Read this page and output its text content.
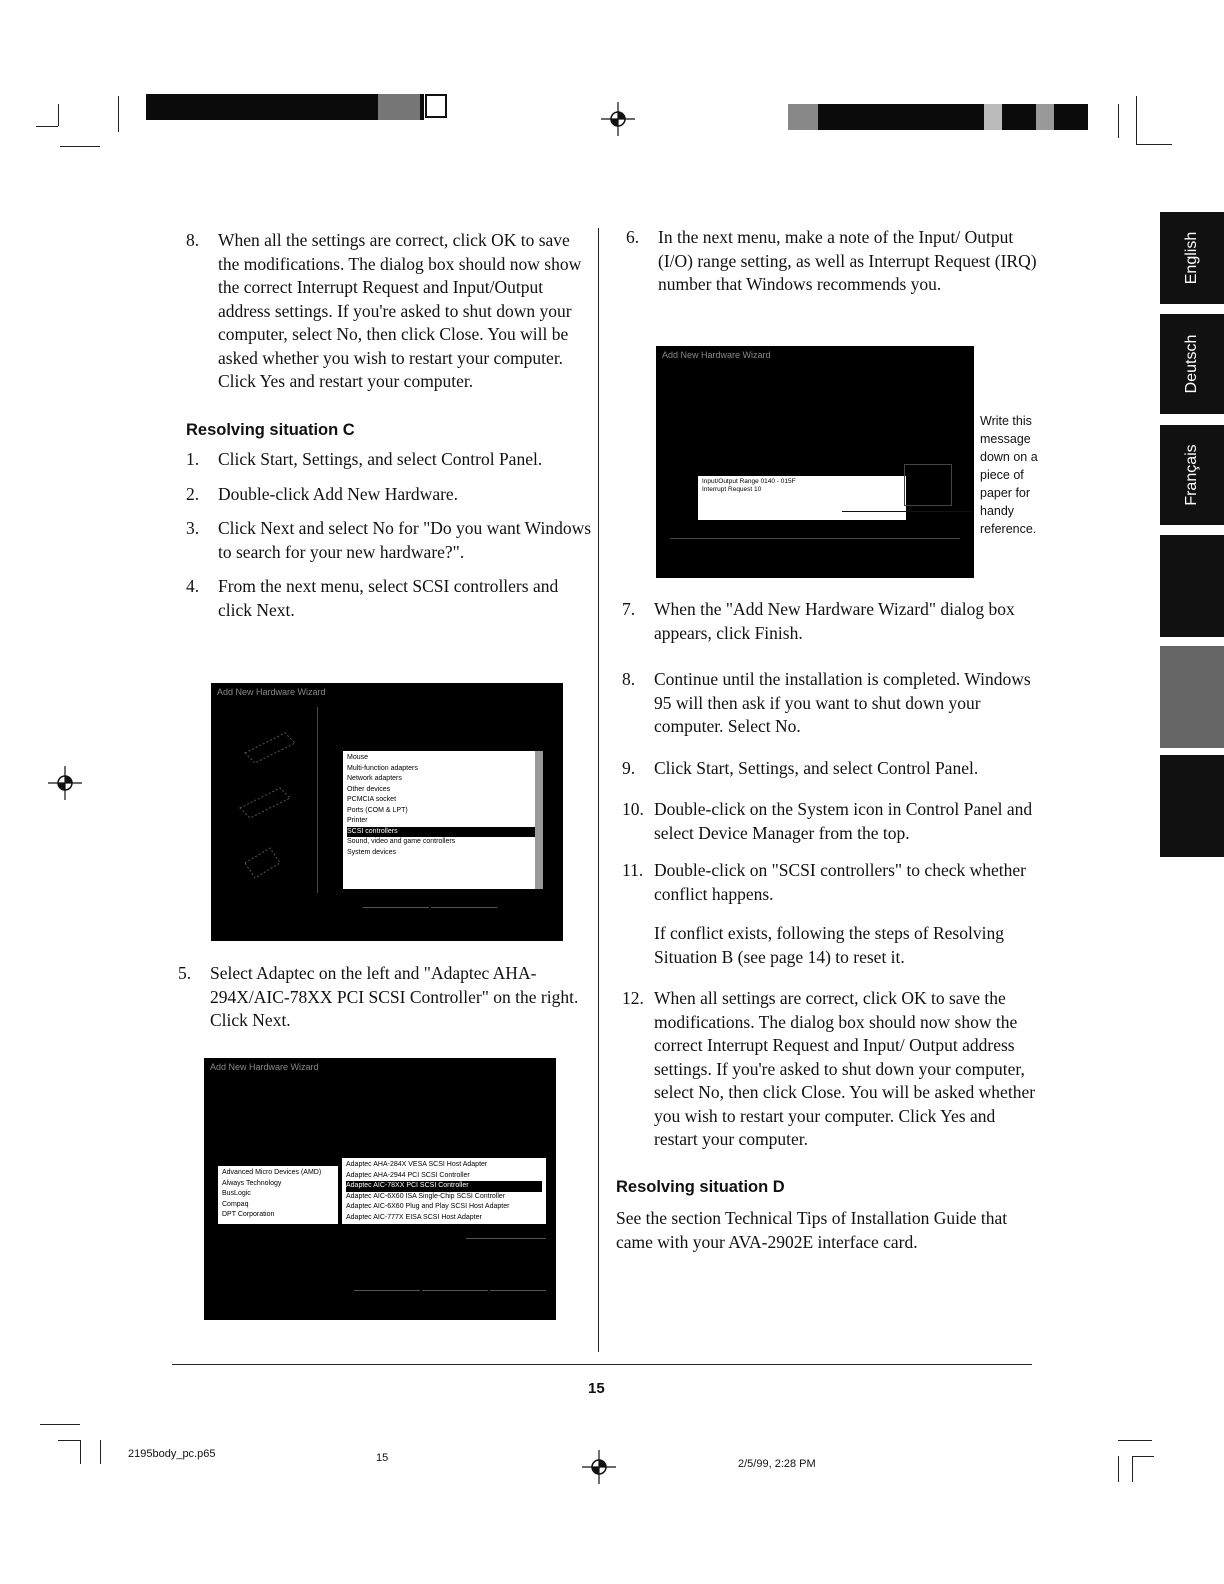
English
Deutsch
Français

8. When all the settings are correct, click OK to save the modifications. The dialog box should now show the correct Interrupt Request and Input/Output address settings. If you're asked to shut down your computer, select No, then click Close. You will be asked whether you wish to restart your computer. Click Yes and restart your computer.

Resolving situation C

1. Click Start, Settings, and select Control Panel.

2. Double-click Add New Hardware.

3. Click Next and select No for "Do you want Windows to search for your new hardware?".

4. From the next menu, select SCSI controllers and click Next.

Add New Hardware Wizard
Mouse
Multi-function adapters
Network adapters
Other devices
PCMCIA socket
Ports (COM & LPT)
Printer
SCSI controllers
Sound, video and game controllers
System devices

5. Select Adaptec on the left and "Adaptec AHA-294X/AIC-78XX PCI SCSI Controller" on the right. Click Next.

Add New Hardware Wizard
Advanced Micro Devices (AMD)
Always Technology
BusLogic
Compaq
DPT Corporation
Adaptec AHA-284X VESA SCSI Host Adapter
Adaptec AHA-2944 PCI SCSI Controller
Adaptec AIC-78XX PCI SCSI Controller
Adaptec AIC-6X60 ISA Single-Chip SCSI Controller
Adaptec AIC-6X60 Plug and Play SCSI Host Adapter
Adaptec AIC-777X EISA SCSI Host Adapter

6. In the next menu, make a note of the Input/ Output (I/O) range setting, as well as Interrupt Request (IRQ) number that Windows recommends you.

Add New Hardware Wizard
Input/Output Range 0140 - 015F
Interrupt Request 10
Write this message down on a piece of paper for handy reference.

7. When the "Add New Hardware Wizard" dialog box appears, click Finish.

8. Continue until the installation is completed. Windows 95 will then ask if you want to shut down your computer. Select No.

9. Click Start, Settings, and select Control Panel.

10. Double-click on the System icon in Control Panel and select Device Manager from the top.

11. Double-click on "SCSI controllers" to check whether conflict happens.

If conflict exists, following the steps of Resolving Situation B (see page 14) to reset it.

12. When all settings are correct, click OK to save the modifications. The dialog box should now show the correct Interrupt Request and Input/ Output address settings. If you're asked to shut down your computer, select No, then click Close. You will be asked whether you wish to restart your computer. Click Yes and restart your computer.

Resolving situation D

See the section Technical Tips of Installation Guide that came with your AVA-2902E interface card.

15
2195body_pc.p65	15	2/5/99, 2:28 PM
